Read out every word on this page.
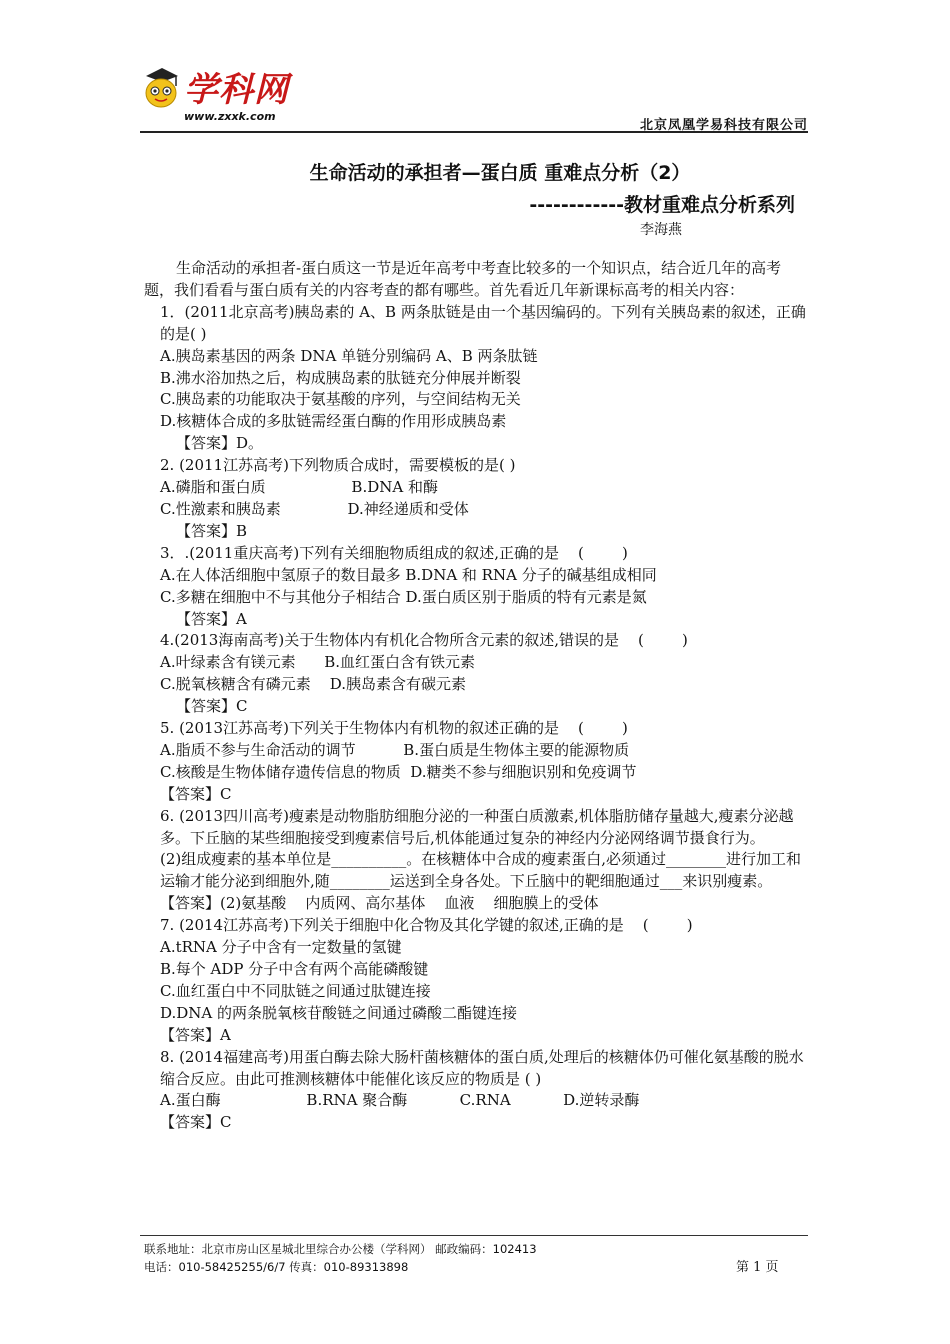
学科网
www.zxxk.com
北京凤凰学易科技有限公司
生命活动的承担者—蛋白质 重难点分析（2）
------------教材重难点分析系列
李海燕

生命活动的承担者-蛋白质这一节是近年高考中考查比较多的一个知识点，结合近几年的高考题，我们看看与蛋白质有关的内容考查的都有哪些。首先看近几年新课标高考的相关内容：

1．(2011北京高考)胰岛素的 A、B 两条肽链是由一个基因编码的。下列有关胰岛素的叙述，正确的是( )

A.胰岛素基因的两条 DNA 单链分别编码 A、B 两条肽链

B.沸水浴加热之后，构成胰岛素的肽链充分伸展并断裂

C.胰岛素的功能取决于氨基酸的序列，与空间结构无关

D.核糖体合成的多肽链需经蛋白酶的作用形成胰岛素

【答案】D。

2. (2011江苏高考)下列物质合成时，需要模板的是( )

A.磷脂和蛋白质                  B.DNA 和酶

C.性激素和胰岛素              D.神经递质和受体

【答案】B

3．.(2011重庆高考)下列有关细胞物质组成的叙述,正确的是    (        )

A.在人体活细胞中氢原子的数目最多 B.DNA 和 RNA 分子的碱基组成相同

C.多糖在细胞中不与其他分子相结合 D.蛋白质区别于脂质的特有元素是氮

【答案】A

4.(2013海南高考)关于生物体内有机化合物所含元素的叙述,错误的是    (        )

A.叶绿素含有镁元素      B.血红蛋白含有铁元素

C.脱氧核糖含有磷元素    D.胰岛素含有碳元素

【答案】C

5. (2013江苏高考)下列关于生物体内有机物的叙述正确的是    (        )

A.脂质不参与生命活动的调节          B.蛋白质是生物体主要的能源物质

C.核酸是生物体储存遗传信息的物质  D.糖类不参与细胞识别和免疫调节

【答案】C

6. (2013四川高考)瘦素是动物脂肪细胞分泌的一种蛋白质激素,机体脂肪储存量越大,瘦素分泌越多。下丘脑的某些细胞接受到瘦素信号后,机体能通过复杂的神经内分泌网络调节摄食行为。

(2)组成瘦素的基本单位是__________。在核糖体中合成的瘦素蛋白,必须通过________进行加工和运输才能分泌到细胞外,随________运送到全身各处。下丘脑中的靶细胞通过___来识别瘦素。

【答案】(2)氨基酸    内质网、高尔基体    血液    细胞膜上的受体

7. (2014江苏高考)下列关于细胞中化合物及其化学键的叙述,正确的是    (        )

A.tRNA 分子中含有一定数量的氢键

B.每个 ADP 分子中含有两个高能磷酸键

C.血红蛋白中不同肽链之间通过肽键连接

D.DNA 的两条脱氧核苷酸链之间通过磷酸二酯键连接

【答案】A

8. (2014福建高考)用蛋白酶去除大肠杆菌核糖体的蛋白质,处理后的核糖体仍可催化氨基酸的脱水缩合反应。由此可推测核糖体中能催化该反应的物质是 ( )

A.蛋白酶                  B.RNA 聚合酶           C.RNA           D.逆转录酶

【答案】C

联系地址：北京市房山区星城北里综合办公楼（学科网） 邮政编码：102413
电话：010-58425255/6/7 传真：010-89313898	第 1 页
